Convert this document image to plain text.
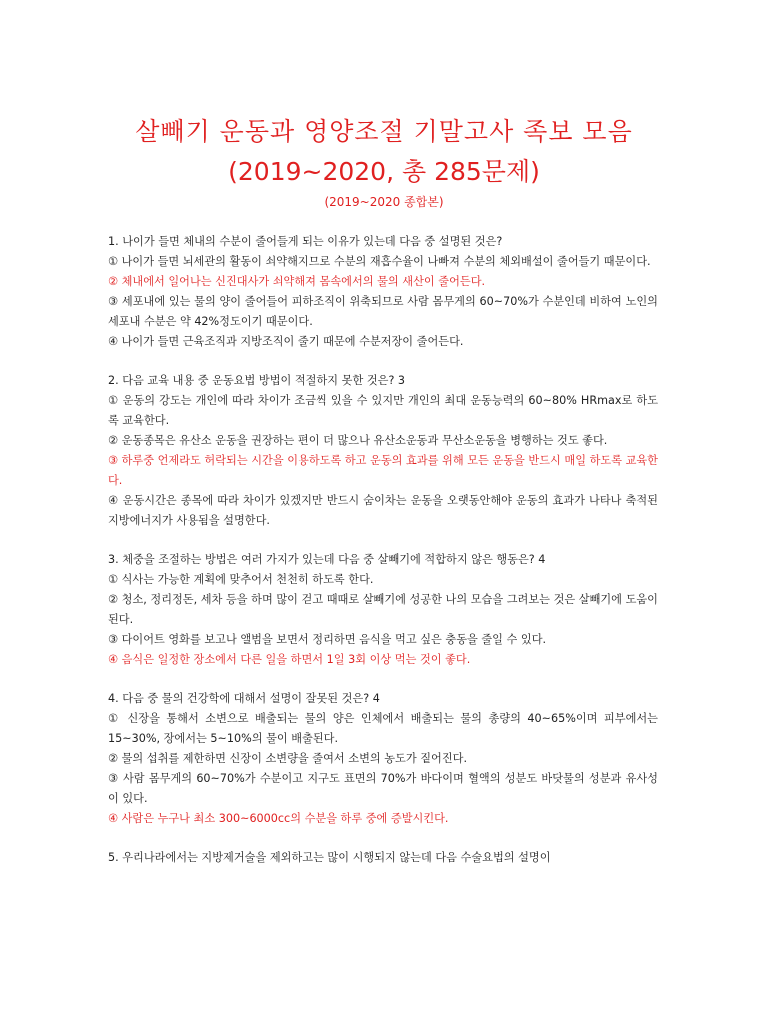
살빼기 운동과 영양조절 기말고사 족보 모음
(2019~2020, 총 285문제)
(2019~2020 종합본)
1. 나이가 들면 체내의 수분이 줄어들게 되는 이유가 있는데 다음 중 설명된 것은?
① 나이가 들면 뇌세관의 활동이 쇠약해지므로 수분의 재흡수율이 나빠져 수분의 체외배설이 줄어들기 때문이다.
② 체내에서 일어나는 신진대사가 쇠약해져 몸속에서의 물의 새산이 줄어든다.
③ 세포내에 있는 물의 양이 줄어들어 피하조직이 위축되므로 사람 몸무게의 60~70%가 수분인데 비하여 노인의 세포내 수분은 약 42%정도이기 때문이다.
④ 나이가 들면 근육조직과 지방조직이 줄기 때문에 수분저장이 줄어든다.
2. 다음 교육 내용 중 운동요법 방법이 적절하지 못한 것은? 3
① 운동의 강도는 개인에 따라 차이가 조금씩 있을 수 있지만 개인의 최대 운동능력의 60~80% HRmax로 하도록 교육한다.
② 운동종목은 유산소 운동을 권장하는 편이 더 많으나 유산소운동과 무산소운동을 병행하는 것도 좋다.
③ 하루중 언제라도 허락되는 시간을 이용하도록 하고 운동의 효과를 위해 모든 운동을 반드시 매일 하도록 교육한다.
④ 운동시간은 종목에 따라 차이가 있겠지만 반드시 숨이차는 운동을 오랫동안해야 운동의 효과가 나타나 축적된 지방에너지가 사용됨을 설명한다.
3. 체중을 조절하는 방법은 여러 가지가 있는데 다음 중 살빼기에 적합하지 않은 행동은? 4
① 식사는 가능한 계획에 맞추어서 천천히 하도록 한다.
② 청소, 정리정돈, 세차 등을 하며 많이 걷고 때때로 살빼기에 성공한 나의 모습을 그려보는 것은 살빼기에 도움이 된다.
③ 다이어트 영화를 보고나 앨범을 보면서 정리하면 음식을 먹고 싶은 충동을 줄일 수 있다.
④ 음식은 일정한 장소에서 다른 일을 하면서 1일 3회 이상 먹는 것이 좋다.
4. 다음 중 물의 건강학에 대해서 설명이 잘못된 것은? 4
① 신장을 통해서 소변으로 배출되는 물의 양은 인체에서 배출되는 물의 총량의 40~65%이며 피부에서는 15~30%, 장에서는 5~10%의 물이 배출된다.
② 물의 섭취를 제한하면 신장이 소변량을 줄여서 소변의 농도가 짙어진다.
③ 사람 몸무게의 60~70%가 수분이고 지구도 표면의 70%가 바다이며 혈액의 성분도 바닷물의 성분과 유사성이 있다.
④ 사람은 누구나 최소 300~6000cc의 수분을 하루 중에 증발시킨다.
5. 우리나라에서는 지방제거술을 제외하고는 많이 시행되지 않는데 다음 수술요법의 설명이
